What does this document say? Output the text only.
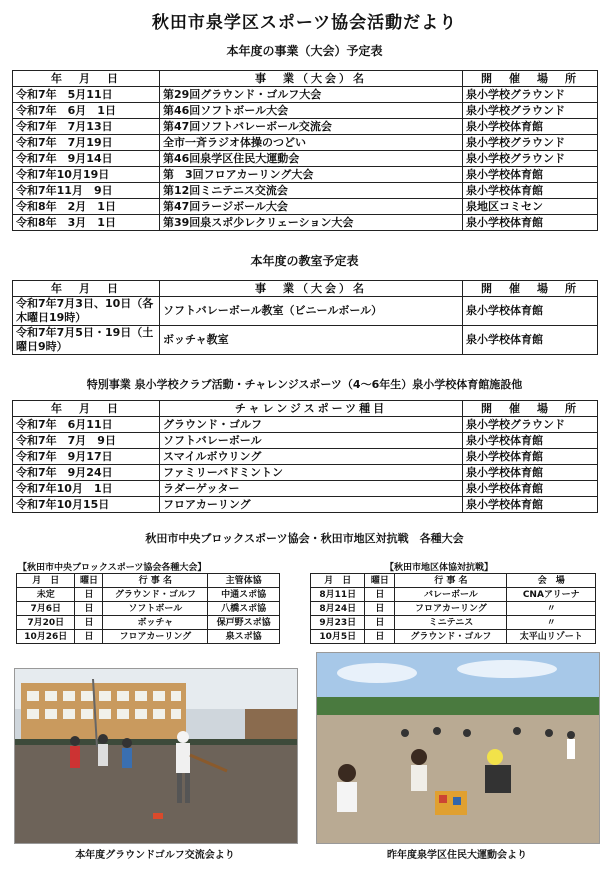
秋田市泉学区スポーツ協会活動だより
本年度の事業（大会）予定表
年　月　日	事　業（大会）名	開　催　場　所
令和7年　5月11日	第29回グラウンド・ゴルフ大会	泉小学校グラウンド
令和7年　6月　1日	第46回ソフトボール大会	泉小学校グラウンド
令和7年　7月13日	第47回ソフトバレーボール交流会	泉小学校体育館
令和7年　7月19日	全市一斉ラジオ体操のつどい	泉小学校グラウンド
令和7年　9月14日	第46回泉学区住民大運動会	泉小学校グラウンド
令和7年10月19日	第　3回フロアカーリング大会	泉小学校体育館
令和7年11月　9日	第12回ミニテニス交流会	泉小学校体育館
令和8年　2月　1日	第47回ラージボール大会	泉地区コミセン
令和8年　3月　1日	第39回泉スポ少レクリェーション大会	泉小学校体育館
本年度の教室予定表
年　月　日	事　業（大会）名	開　催　場　所
令和7年7月3日、10日（各木曜日19時）	ソフトバレーボール教室（ビニールボール）	泉小学校体育館
令和7年7月5日・19日（土曜日9時）	ボッチャ教室	泉小学校体育館
特別事業 泉小学校クラブ活動・チャレンジスポーツ（4～6年生）泉小学校体育館施設他
年　月　日	チャレンジスポーツ種目	開　催　場　所
令和7年　6月11日	グラウンド・ゴルフ	泉小学校グラウンド
令和7年　7月　9日	ソフトバレーボール	泉小学校体育館
令和7年　9月17日	スマイルボウリング	泉小学校体育館
令和7年　9月24日	ファミリーバドミントン	泉小学校体育館
令和7年10月　1日	ラダーゲッター	泉小学校体育館
令和7年10月15日	フロアカーリング	泉小学校体育館
秋田市中央ブロックスポーツ協会・秋田市地区対抗戦　各種大会
【秋田市中央ブロックスポーツ協会各種大会】
月　日	曜日	行 事 名	主管体協
未定	日	グラウンド・ゴルフ	中通スポ協
7月6日	日	ソフトボール	八橋スポ協
7月20日	日	ボッチャ	保戸野スポ協
10月26日	日	フロアカーリング	泉スポ協
【秋田市地区体協対抗戦】
月　日	曜日	行 事 名	会　場
8月11日	日	バレーボール	CNAアリーナ
8月24日	日	フロアカーリング	〃
9月23日	日	ミニテニス	〃
10月5日	日	グラウンド・ゴルフ	太平山リゾート
本年度グラウンドゴルフ交流会より	昨年度泉学区住民大運動会より
